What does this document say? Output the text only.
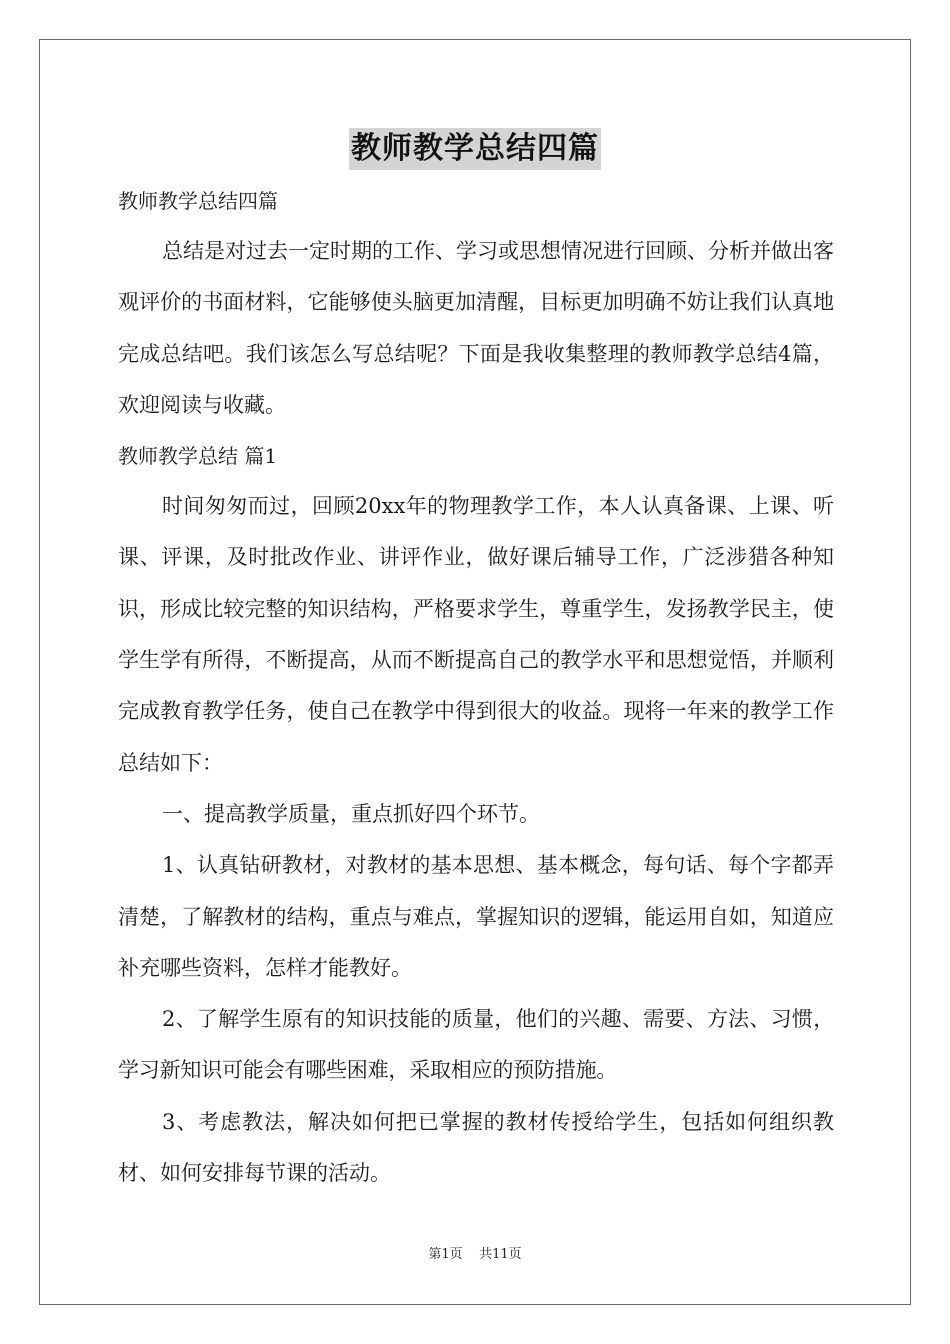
教师教学总结四篇

教师教学总结四篇

总结是对过去一定时期的工作、学习或思想情况进行回顾、分析并做出客观评价的书面材料，它能够使头脑更加清醒，目标更加明确不妨让我们认真地完成总结吧。我们该怎么写总结呢？下面是我收集整理的教师教学总结4篇，欢迎阅读与收藏。

教师教学总结 篇1

时间匆匆而过，回顾20xx年的物理教学工作，本人认真备课、上课、听课、评课，及时批改作业、讲评作业，做好课后辅导工作，广泛涉猎各种知识，形成比较完整的知识结构，严格要求学生，尊重学生，发扬教学民主，使学生学有所得，不断提高，从而不断提高自己的教学水平和思想觉悟，并顺利完成教育教学任务，使自己在教学中得到很大的收益。现将一年来的教学工作总结如下：

一、提高教学质量，重点抓好四个环节。

1、认真钻研教材，对教材的基本思想、基本概念，每句话、每个字都弄清楚，了解教材的结构，重点与难点，掌握知识的逻辑，能运用自如，知道应补充哪些资料，怎样才能教好。

2、了解学生原有的知识技能的质量，他们的兴趣、需要、方法、习惯，学习新知识可能会有哪些困难，采取相应的预防措施。

3、考虑教法，解决如何把已掌握的教材传授给学生，包括如何组织教材、如何安排每节课的活动。

第1页    共11页
